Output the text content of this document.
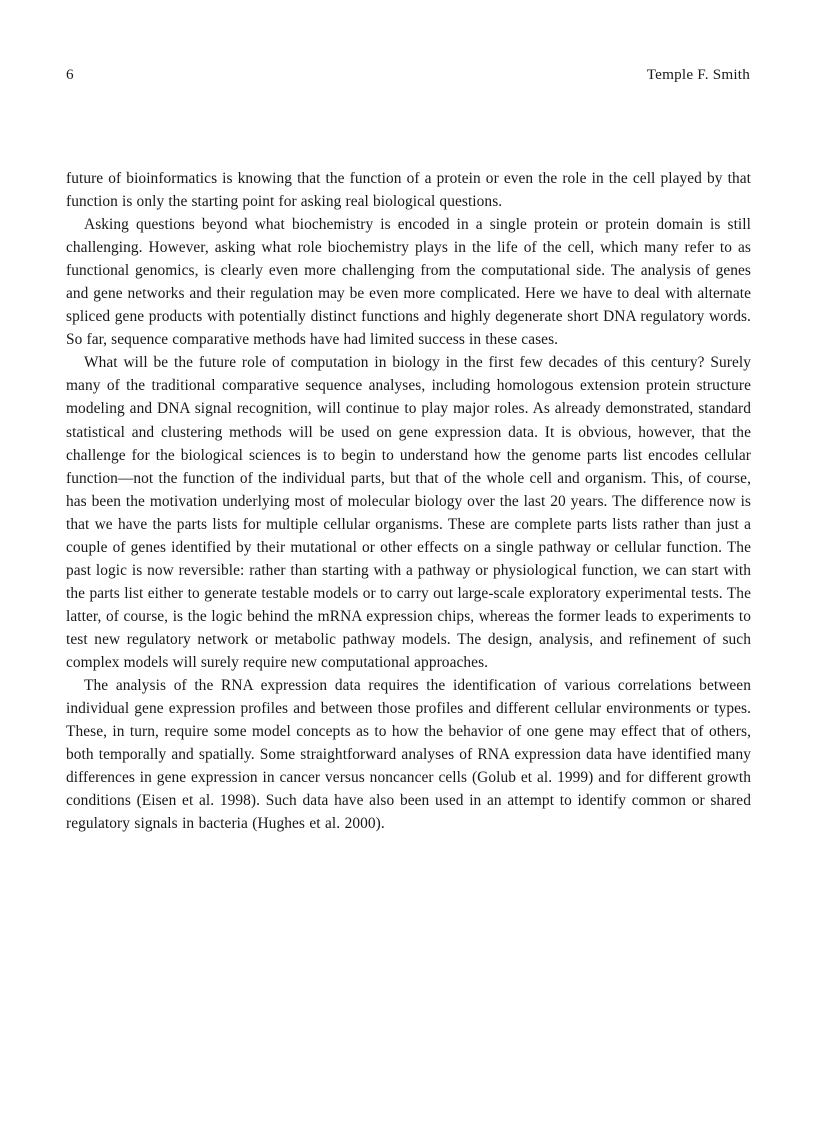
6	Temple F. Smith

future of bioinformatics is knowing that the function of a protein or even the role in the cell played by that function is only the starting point for asking real biological questions.

Asking questions beyond what biochemistry is encoded in a single protein or protein domain is still challenging. However, asking what role biochemistry plays in the life of the cell, which many refer to as functional genomics, is clearly even more challenging from the computational side. The analysis of genes and gene networks and their regulation may be even more complicated. Here we have to deal with alternate spliced gene products with potentially distinct functions and highly degenerate short DNA regulatory words. So far, sequence comparative methods have had limited success in these cases.

What will be the future role of computation in biology in the first few decades of this century? Surely many of the traditional comparative sequence analyses, including homologous extension protein structure modeling and DNA signal recognition, will continue to play major roles. As already demonstrated, standard statistical and clustering methods will be used on gene expression data. It is obvious, however, that the challenge for the biological sciences is to begin to understand how the genome parts list encodes cellular function—not the function of the individual parts, but that of the whole cell and organism. This, of course, has been the motivation underlying most of molecular biology over the last 20 years. The difference now is that we have the parts lists for multiple cellular organisms. These are complete parts lists rather than just a couple of genes identified by their mutational or other effects on a single pathway or cellular function. The past logic is now reversible: rather than starting with a pathway or physiological function, we can start with the parts list either to generate testable models or to carry out large-scale exploratory experimental tests. The latter, of course, is the logic behind the mRNA expression chips, whereas the former leads to experiments to test new regulatory network or metabolic pathway models. The design, analysis, and refinement of such complex models will surely require new computational approaches.

The analysis of the RNA expression data requires the identification of various correlations between individual gene expression profiles and between those profiles and different cellular environments or types. These, in turn, require some model concepts as to how the behavior of one gene may effect that of others, both temporally and spatially. Some straightforward analyses of RNA expression data have identified many differences in gene expression in cancer versus noncancer cells (Golub et al. 1999) and for different growth conditions (Eisen et al. 1998). Such data have also been used in an attempt to identify common or shared regulatory signals in bacteria (Hughes et al. 2000).
